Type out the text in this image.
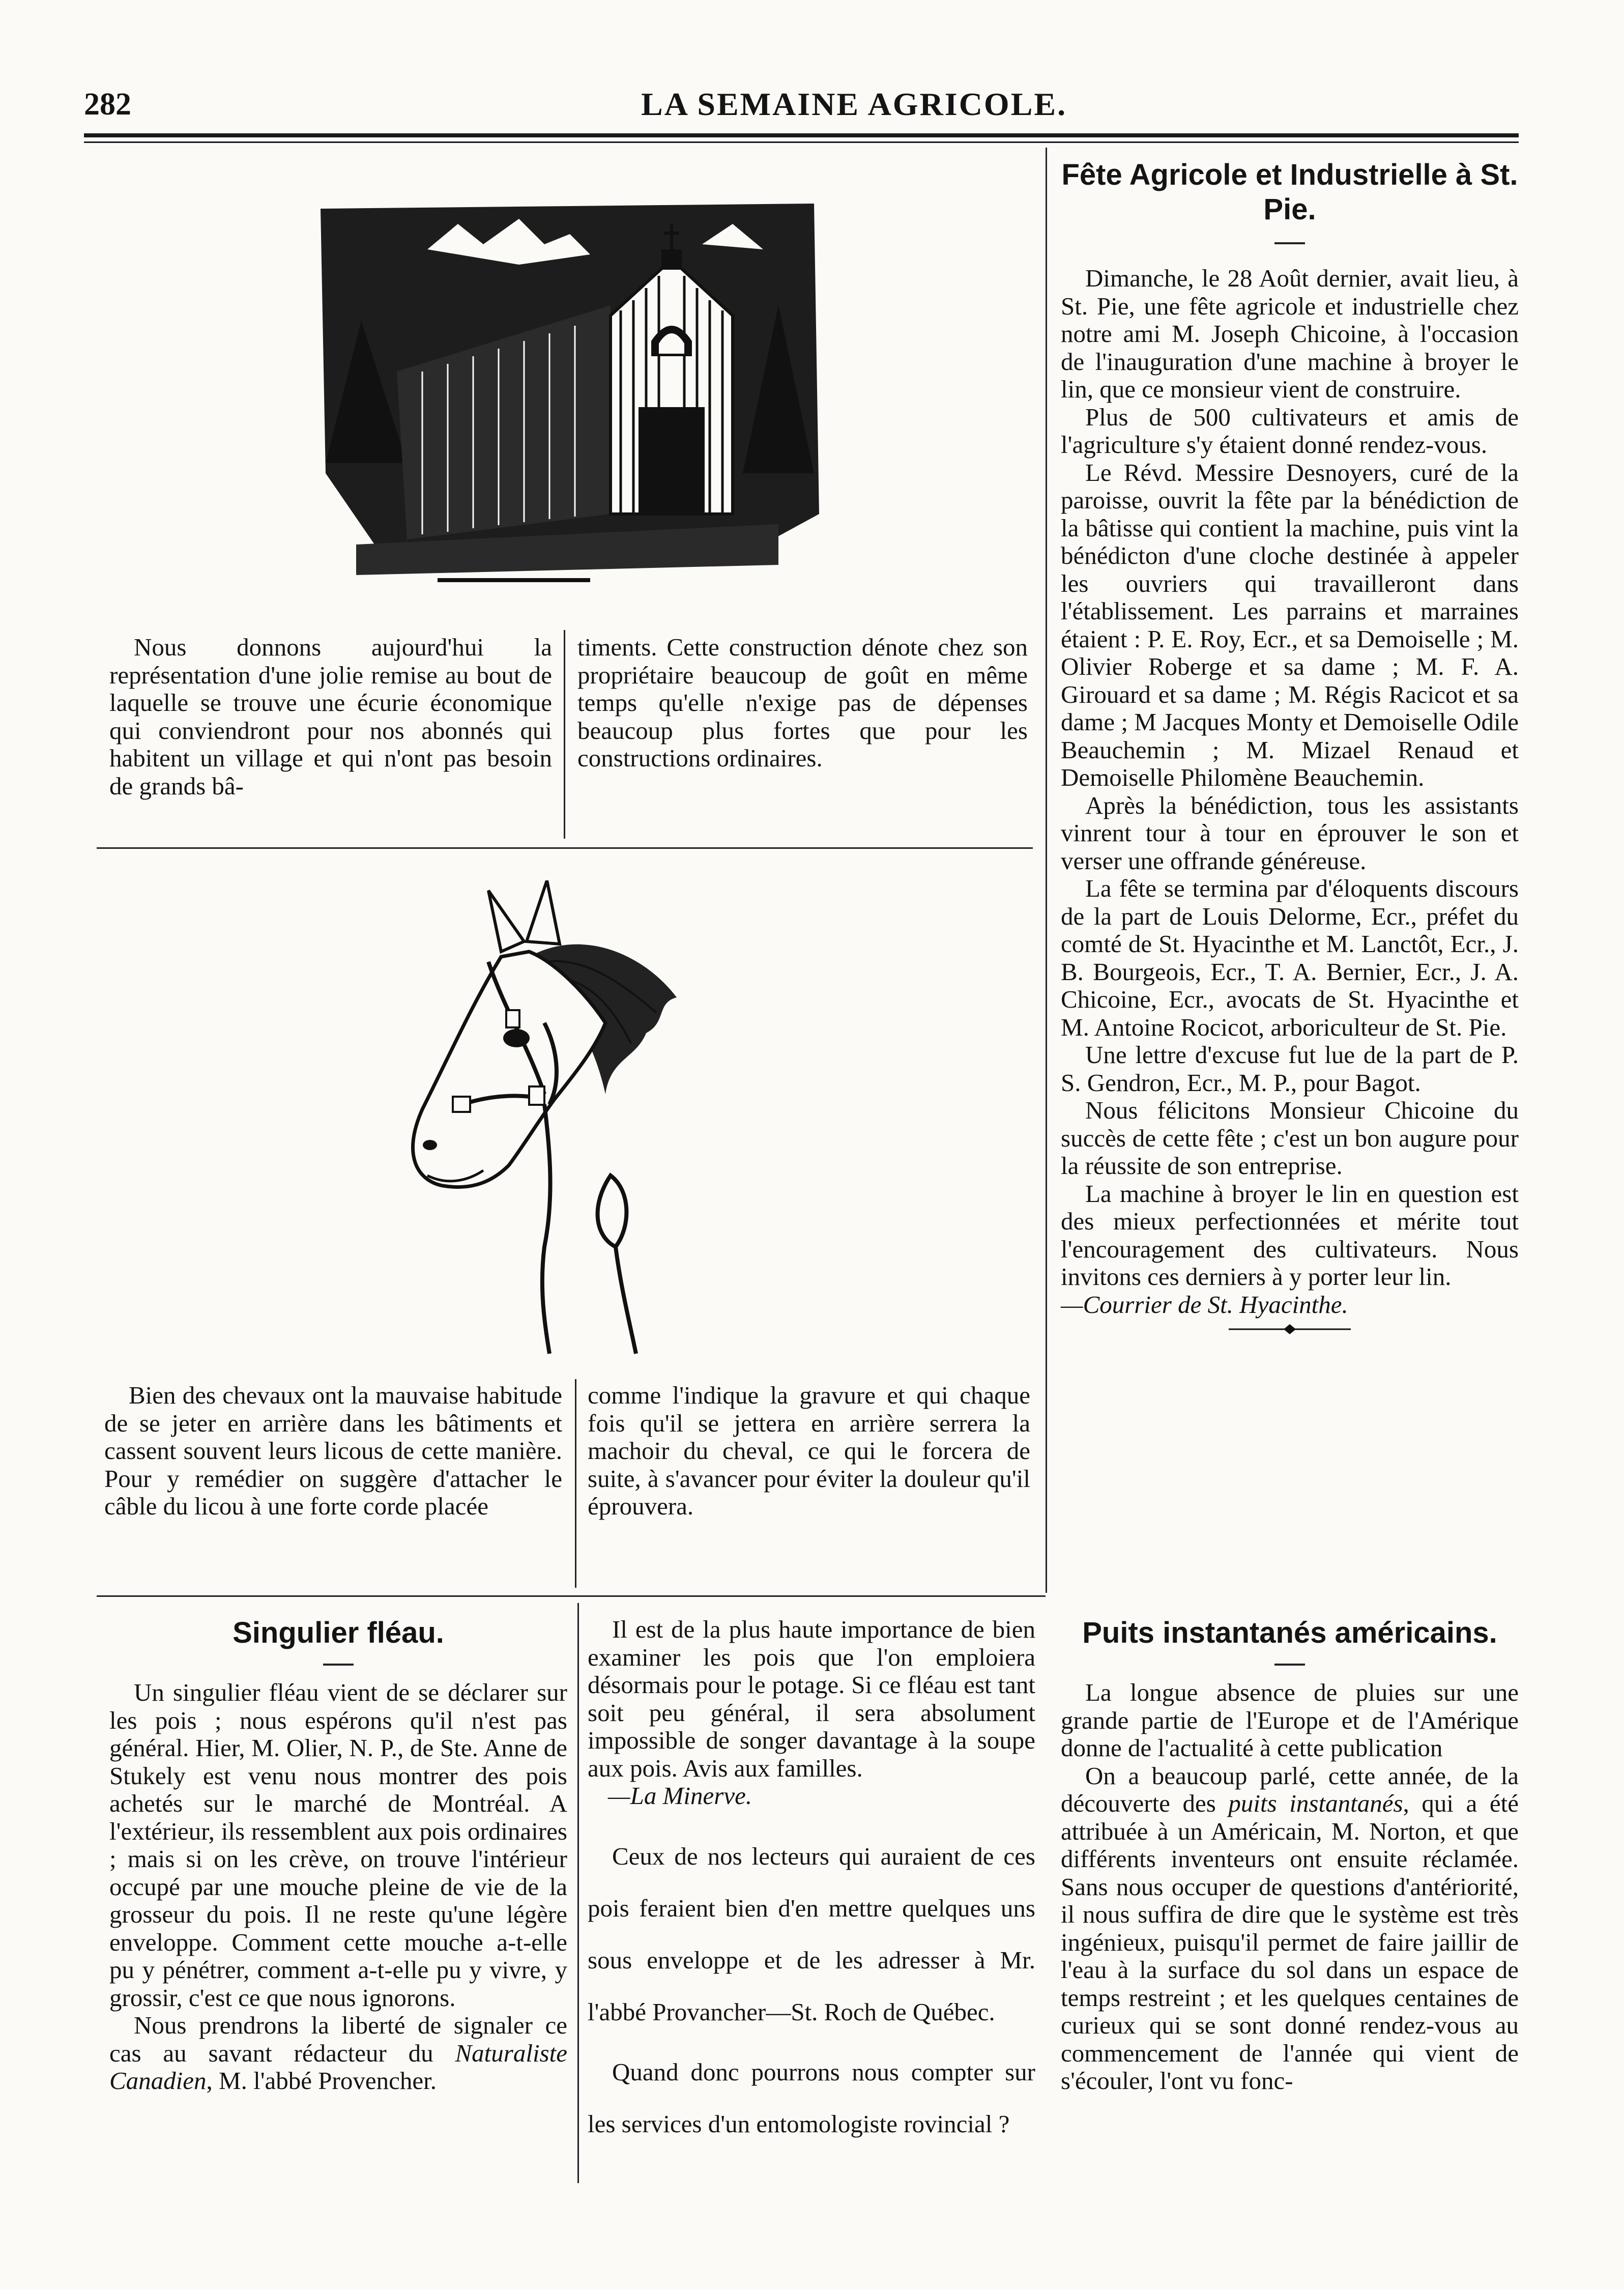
282	LA SEMAINE AGRICOLE.

Nous donnons aujourd'hui la représentation d'une jolie remise au bout de laquelle se trouve une écurie économique qui conviendront pour nos abonnés qui habitent un village et qui n'ont pas besoin de grands bâ-

timents. Cette construction dénote chez son propriétaire beaucoup de goût en même temps qu'elle n'exige pas de dépenses beaucoup plus fortes que pour les constructions ordinaires.

Bien des chevaux ont la mauvaise habitude de se jeter en arrière dans les bâtiments et cassent souvent leurs licous de cette manière. Pour y remédier on suggère d'attacher le câble du licou à une forte corde placée

comme l'indique la gravure et qui chaque fois qu'il se jettera en arrière serrera la machoir du cheval, ce qui le forcera de suite, à s'avancer pour éviter la douleur qu'il éprouvera.

Fête Agricole et Industrielle à St. Pie.

Dimanche, le 28 Août dernier, avait lieu, à St. Pie, une fête agricole et industrielle chez notre ami M. Joseph Chicoine, à l'occasion de l'inauguration d'une machine à broyer le lin, que ce monsieur vient de construire.

Plus de 500 cultivateurs et amis de l'agriculture s'y étaient donné rendez-vous.

Le Révd. Messire Desnoyers, curé de la paroisse, ouvrit la fête par la bénédiction de la bâtisse qui contient la machine, puis vint la bénédicton d'une cloche destinée à appeler les ouvriers qui travailleront dans l'établissement. Les parrains et marraines étaient : P. E. Roy, Ecr., et sa Demoiselle ; M. Olivier Roberge et sa dame ; M. F. A. Girouard et sa dame ; M. Régis Racicot et sa dame ; M Jacques Monty et Demoiselle Odile Beauchemin ; M. Mizael Renaud et Demoiselle Philomène Beauchemin.

Après la bénédiction, tous les assistants vinrent tour à tour en éprouver le son et verser une offrande généreuse.

La fête se termina par d'éloquents discours de la part de Louis Delorme, Ecr., préfet du comté de St. Hyacinthe et M. Lanctôt, Ecr., J. B. Bourgeois, Ecr., T. A. Bernier, Ecr., J. A. Chicoine, Ecr., avocats de St. Hyacinthe et M. Antoine Rocicot, arboriculteur de St. Pie.

Une lettre d'excuse fut lue de la part de P. S. Gendron, Ecr., M. P., pour Bagot.

Nous félicitons Monsieur Chicoine du succès de cette fête ; c'est un bon augure pour la réussite de son entreprise.

La machine à broyer le lin en question est des mieux perfectionnées et mérite tout l'encouragement des cultivateurs. Nous invitons ces derniers à y porter leur lin.

—Courrier de St. Hyacinthe.

Singulier fléau.

Un singulier fléau vient de se déclarer sur les pois ; nous espérons qu'il n'est pas général. Hier, M. Olier, N. P., de Ste. Anne de Stukely est venu nous montrer des pois achetés sur le marché de Montréal. A l'extérieur, ils ressemblent aux pois ordinaires ; mais si on les crève, on trouve l'intérieur occupé par une mouche pleine de vie de la grosseur du pois. Il ne reste qu'une légère enveloppe. Comment cette mouche a-t-elle pu y pénétrer, comment a-t-elle pu y vivre, y grossir, c'est ce que nous ignorons.

Nous prendrons la liberté de signaler ce cas au savant rédacteur du Naturaliste Canadien, M. l'abbé Provencher.

Il est de la plus haute importance de bien examiner les pois que l'on emploiera désormais pour le potage. Si ce fléau est tant soit peu général, il sera absolument impossible de songer davantage à la soupe aux pois. Avis aux familles.

—La Minerve.

Ceux de nos lecteurs qui auraient de ces pois feraient bien d'en mettre quelques uns sous enveloppe et de les adresser à Mr. l'abbé Provancher—St. Roch de Québec.

Quand donc pourrons nous compter sur les services d'un entomologiste rovincial ?

Puits instantanés américains.

La longue absence de pluies sur une grande partie de l'Europe et de l'Amérique donne de l'actualité à cette publication

On a beaucoup parlé, cette année, de la découverte des puits instantanés, qui a été attribuée à un Américain, M. Norton, et que différents inventeurs ont ensuite réclamée. Sans nous occuper de questions d'antériorité, il nous suffira de dire que le système est très ingénieux, puisqu'il permet de faire jaillir de l'eau à la surface du sol dans un espace de temps restreint ; et les quelques centaines de curieux qui se sont donné rendez-vous au commencement de l'année qui vient de s'écouler, l'ont vu fonc-
